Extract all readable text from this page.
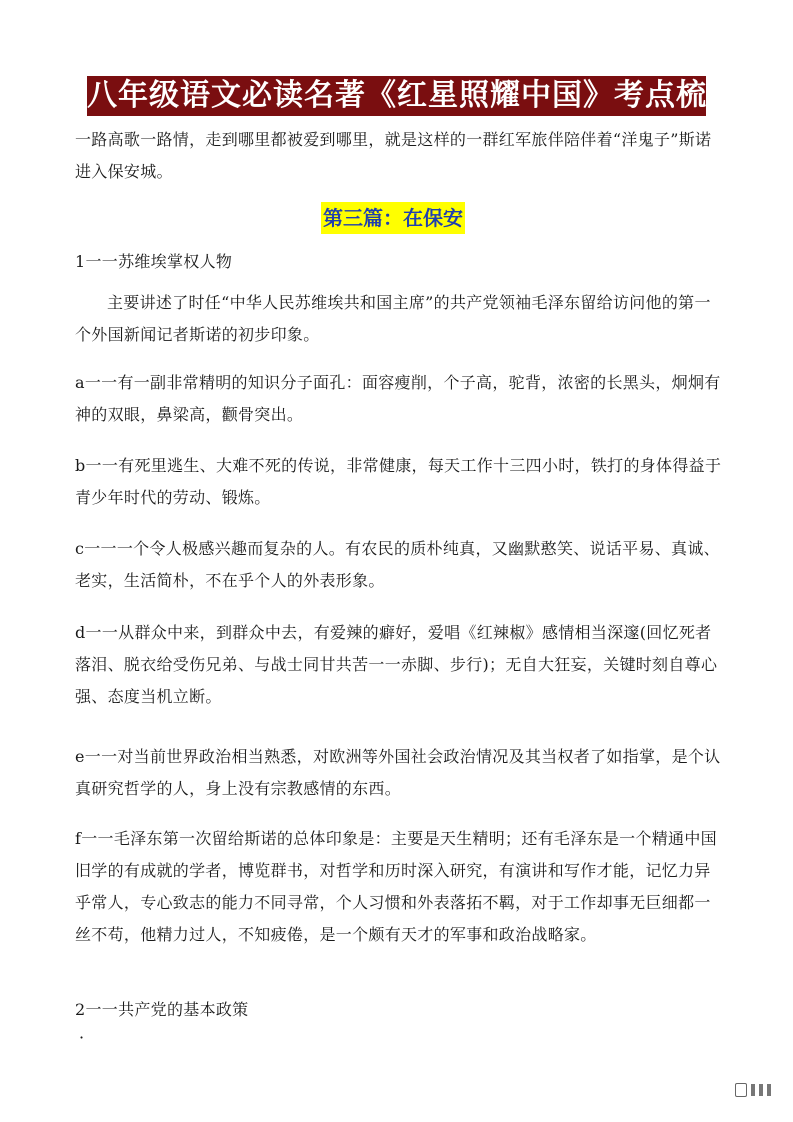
八年级语文必读名著《红星照耀中国》考点梳理
一路高歌一路情，走到哪里都被爱到哪里，就是这样的一群红军旅伴陪伴着“洋鬼子”斯诺进入保安城。
第三篇：在保安
1一一苏维埃掌权人物
主要讲述了时任“中华人民苏维埃共和国主席”的共产党领袖毛泽东留给访问他的第一个外国新闻记者斯诺的初步印象。
a一一有一副非常精明的知识分子面孔：面容瘦削，个子高，驼背，浓密的长黑头，炯炯有神的双眼，鼻梁高，颧骨突出。
b一一有死里逃生、大难不死的传说，非常健康，每天工作十三四小时，铁打的身体得益于青少年时代的劳动、锻炼。
c一一一个令人极感兴趣而复杂的人。有农民的质朴纯真，又幽默憨笑、说话平易、真诚、老实，生活简朴，不在乎个人的外表形象。
d一一从群众中来，到群众中去，有爱辣的癖好，爱唱《红辣椒》感情相当深邃(回忆死者落泪、脱衣给受伤兄弟、与战士同甘共苦一一赤脚、步行)；无自大狂妄，关键时刻自尊心强、态度当机立断。
e一一对当前世界政治相当熟悉，对欧洲等外国社会政治情况及其当权者了如指掌，是个认真研究哲学的人，身上没有宗教感情的东西。
f一一毛泽东第一次留给斯诺的总体印象是：主要是天生精明；还有毛泽东是一个精通中国旧学的有成就的学者，博览群书，对哲学和历时深入研究，有演讲和写作才能，记忆力异乎常人，专心致志的能力不同寻常，个人习惯和外表落拓不羁，对于工作却事无巨细都一丝不苟，他精力过人，不知疲倦，是一个颇有天才的军事和政治战略家。
2一一共产党的基本政策
·
